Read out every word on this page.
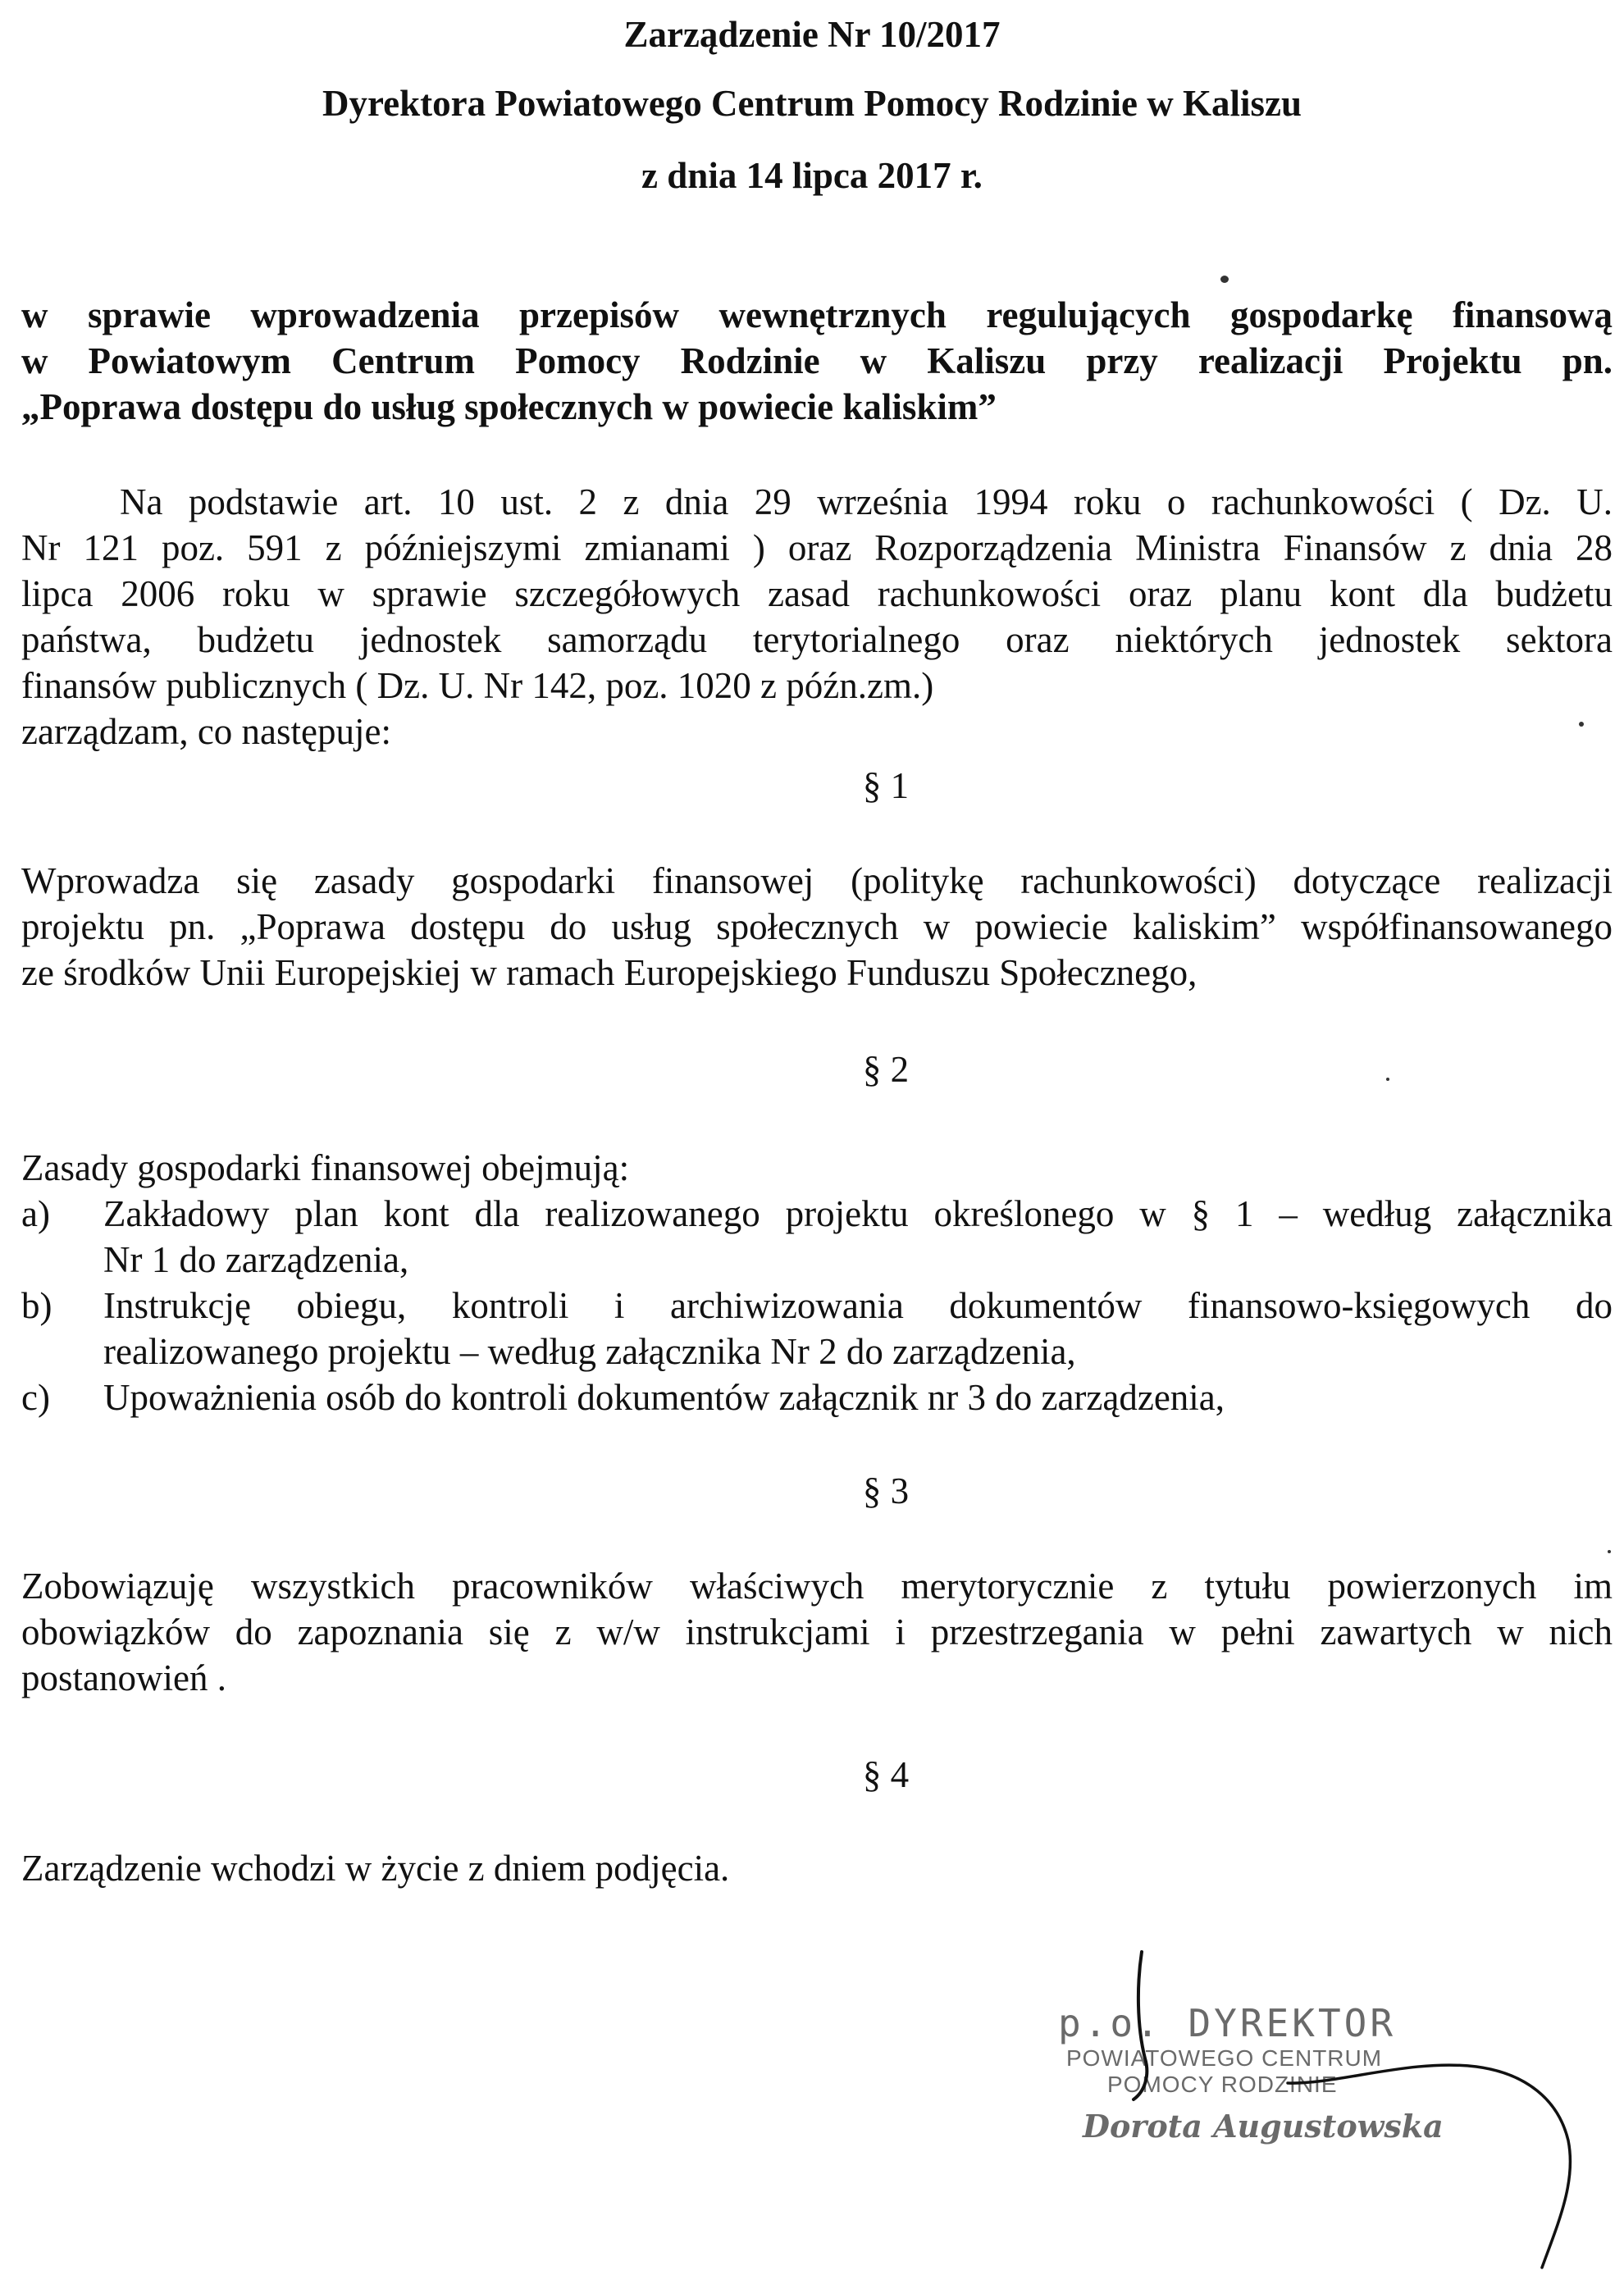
Zarządzenie Nr 10/2017
Dyrektora Powiatowego Centrum Pomocy Rodzinie w Kaliszu
z dnia 14 lipca 2017 r.
w sprawie wprowadzenia przepisów wewnętrznych regulujących gospodarkę finansową
w Powiatowym Centrum Pomocy Rodzinie w Kaliszu przy realizacji Projektu pn.
„Poprawa dostępu do usług społecznych w powiecie kaliskim”
Na podstawie art. 10 ust. 2 z dnia 29 września 1994 roku o rachunkowości ( Dz. U.
Nr 121 poz. 591 z późniejszymi zmianami ) oraz Rozporządzenia Ministra Finansów z dnia 28
lipca 2006 roku w sprawie szczegółowych zasad rachunkowości oraz planu kont dla budżetu
państwa, budżetu jednostek samorządu terytorialnego oraz niektórych jednostek sektora
finansów publicznych ( Dz. U. Nr 142, poz. 1020 z późn.zm.)
zarządzam, co następuje:
§ 1
Wprowadza się zasady gospodarki finansowej (politykę rachunkowości) dotyczące realizacji
projektu pn. „Poprawa dostępu do usług społecznych w powiecie kaliskim” współfinansowanego
ze środków Unii Europejskiej w ramach Europejskiego Funduszu Społecznego,
§ 2
Zasady gospodarki finansowej obejmują:
a)	Zakładowy plan kont dla realizowanego projektu określonego w § 1 – według załącznika
Nr 1 do zarządzenia,
b)	Instrukcję obiegu, kontroli i archiwizowania dokumentów finansowo-księgowych do
realizowanego projektu – według załącznika Nr 2 do zarządzenia,
c)	Upoważnienia osób do kontroli dokumentów załącznik nr 3 do zarządzenia,
§ 3
Zobowiązuję wszystkich pracowników właściwych merytorycznie z tytułu powierzonych im
obowiązków do zapoznania się z w/w instrukcjami i przestrzegania w pełni zawartych w nich
postanowień .
§ 4
Zarządzenie wchodzi w życie z dniem podjęcia.
p.o. DYREKTOR
POWIATOWEGO CENTRUM
POMOCY RODZINIE
Dorota Augustowska
